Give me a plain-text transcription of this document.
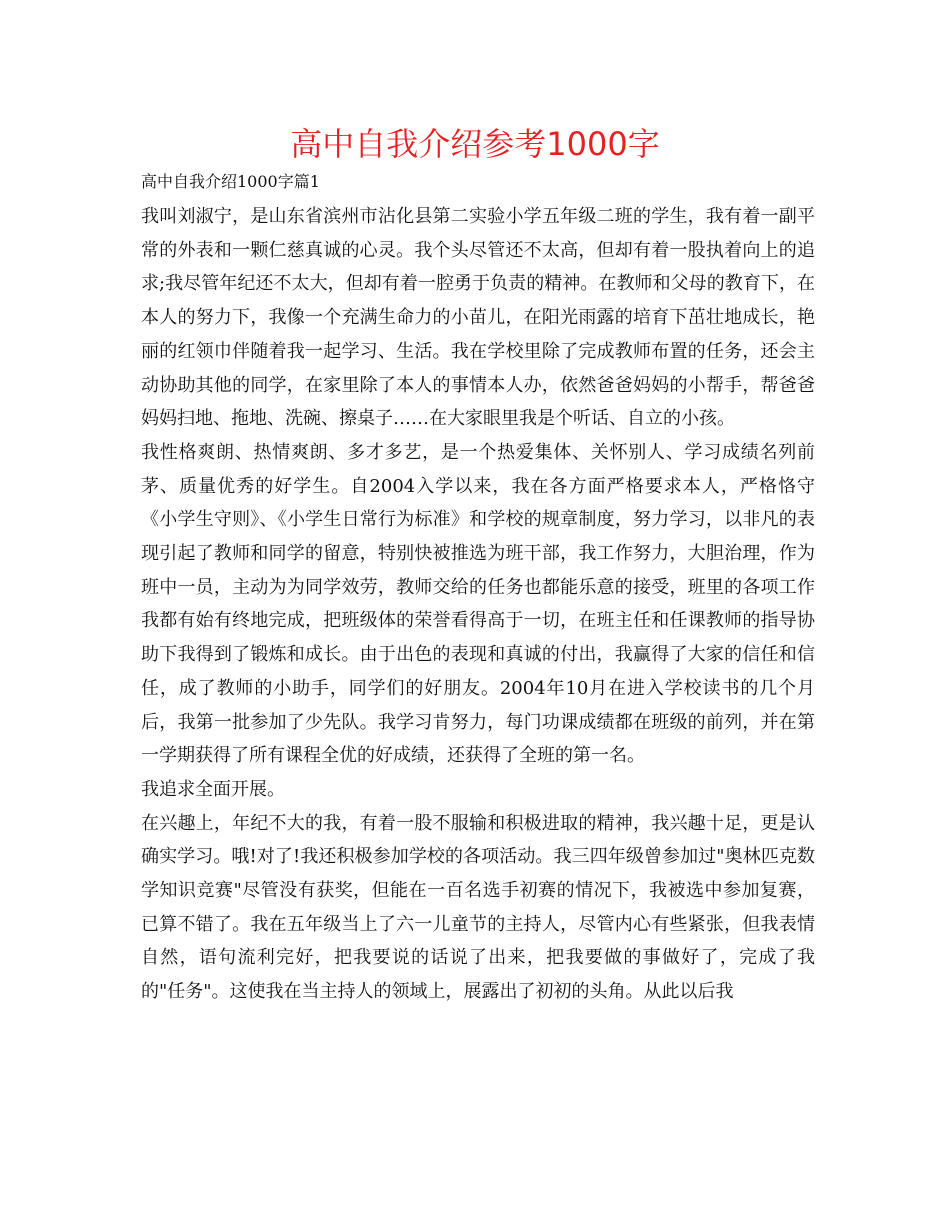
高中自我介绍参考1000字

高中自我介绍1000字篇1

我叫刘淑宁，是山东省滨州市沾化县第二实验小学五年级二班的学生，我有着一副平常的外表和一颗仁慈真诚的心灵。我个头尽管还不太高，但却有着一股执着向上的追求;我尽管年纪还不太大，但却有着一腔勇于负责的精神。在教师和父母的教育下，在本人的努力下，我像一个充满生命力的小苗儿，在阳光雨露的培育下茁壮地成长，艳丽的红领巾伴随着我一起学习、生活。我在学校里除了完成教师布置的任务，还会主动协助其他的同学，在家里除了本人的事情本人办，依然爸爸妈妈的小帮手，帮爸爸妈妈扫地、拖地、洗碗、擦桌子……在大家眼里我是个听话、自立的小孩。

我性格爽朗、热情爽朗、多才多艺，是一个热爱集体、关怀别人、学习成绩名列前茅、质量优秀的好学生。自2004入学以来，我在各方面严格要求本人，严格恪守《小学生守则》、《小学生日常行为标准》和学校的规章制度，努力学习，以非凡的表现引起了教师和同学的留意，特别快被推选为班干部，我工作努力，大胆治理，作为班中一员，主动为为同学效劳，教师交给的任务也都能乐意的接受，班里的各项工作我都有始有终地完成，把班级体的荣誉看得高于一切，在班主任和任课教师的指导协助下我得到了锻炼和成长。由于出色的表现和真诚的付出，我赢得了大家的信任和信任，成了教师的小助手，同学们的好朋友。2004年10月在进入学校读书的几个月后，我第一批参加了少先队。我学习肯努力，每门功课成绩都在班级的前列，并在第一学期获得了所有课程全优的好成绩，还获得了全班的第一名。

我追求全面开展。

在兴趣上，年纪不大的我，有着一股不服输和积极进取的精神，我兴趣十足，更是认确实学习。哦!对了!我还积极参加学校的各项活动。我三四年级曾参加过"奥林匹克数学知识竞赛"尽管没有获奖，但能在一百名选手初赛的情况下，我被选中参加复赛，已算不错了。我在五年级当上了六一儿童节的主持人，尽管内心有些紧张，但我表情自然，语句流利完好，把我要说的话说了出来，把我要做的事做好了，完成了我的"任务"。这使我在当主持人的领域上，展露出了初初的头角。从此以后我
